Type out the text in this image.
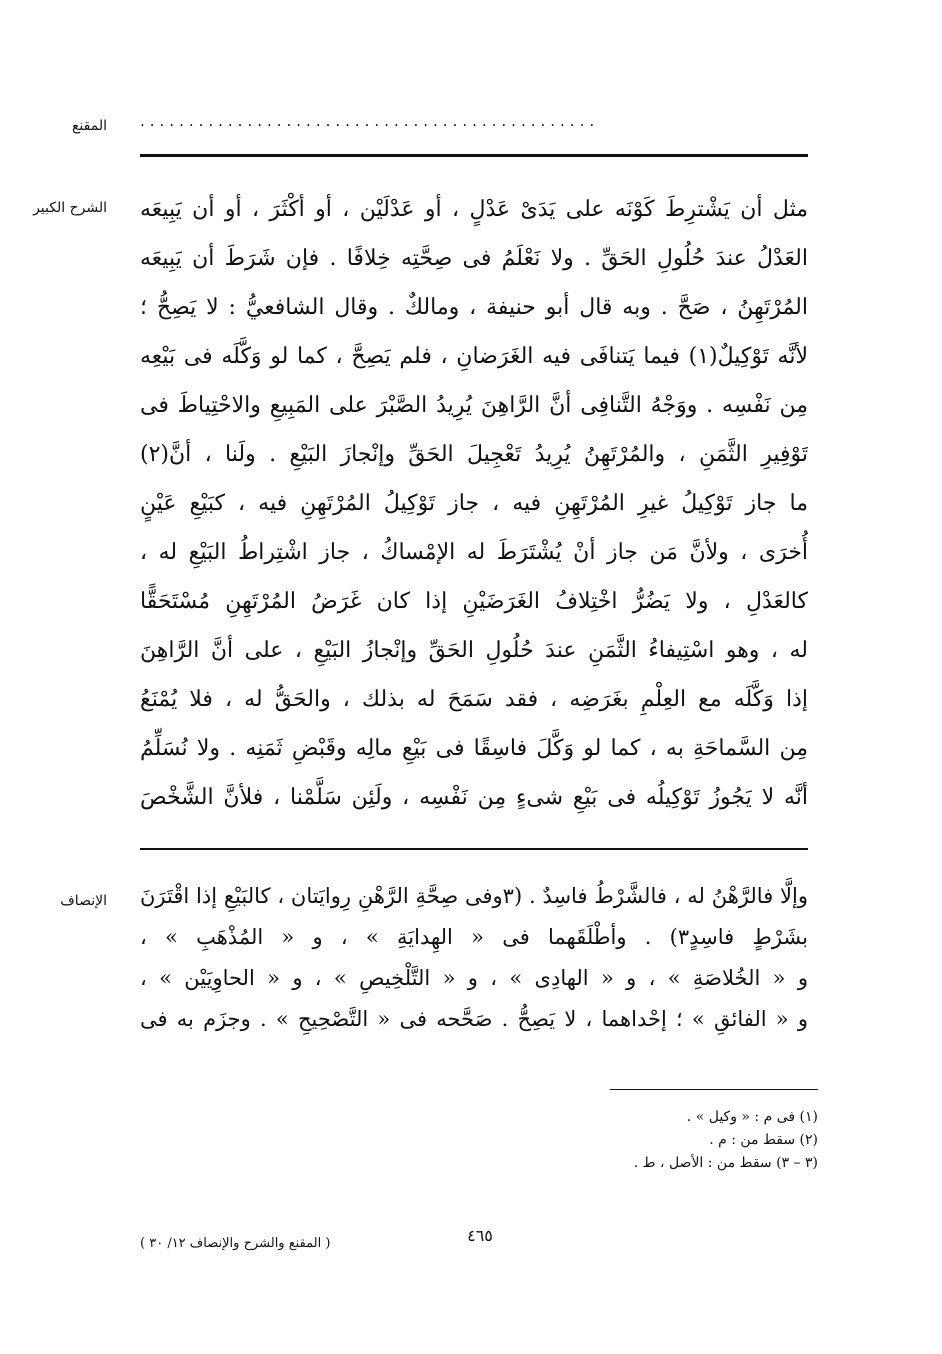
المقنع ...............................................
الشرح الكبير مثل أن يَشْترِطَ كَوْنَه على يَدَىْ عَدْلٍ ، أو عَدْلَيْن ، أو أكْثَرَ ، أو أن يَبِيعَه
العَدْلُ عندَ حُلُولِ الحَقِّ . ولا نَعْلَمُ فى صِحَّتِه خِلافًا . فإن شَرَطَ أن يَبِيعَه
المُرْتَهِنُ ، صَحَّ . وبه قال أبو حنيفة ، ومالكٌ . وقال الشافعيُّ : لا يَصِحُّ ؛
لأنَّه تَوْكِيلٌ(١) فيما يَتنافَى فيه الغَرَضانِ ، فلم يَصِحَّ ، كما لو وَكَّلَه فى بَيْعِه
مِن نَفْسِه . ووَجْهُ التَّنافِى أنَّ الرَّاهِنَ يُرِيدُ الصَّبْرَ على المَبِيعِ والاحْتِياطَ فى
تَوْفِيرِ الثَّمَنِ ، والمُرْتَهِنُ يُرِيدُ تَعْجِيلَ الحَقِّ وإنْجازَ البَيْعِ . ولَنا ، أنَّ(٢)
ما جاز تَوْكِيلُ غيرِ المُرْتَهِنِ فيه ، جاز تَوْكِيلُ المُرْتَهِنِ فيه ، كبَيْعِ عَيْنٍ
أُخرَى ، ولأنَّ مَن جاز أنْ يُشْتَرَطَ له الإمْساكُ ، جاز اشْتِراطُ البَيْعِ له ،
كالعَدْلِ ، ولا يَضُرُّ اخْتِلافُ الغَرَضَيْنِ إذا كان غَرَضُ المُرْتَهِنِ مُسْتَحَقًّا
له ، وهو اسْتِيفاءُ الثَّمَنِ عندَ حُلُولِ الحَقِّ وإنْجازُ البَيْعِ ، على أنَّ الرَّاهِنَ
إذا وَكَّلَه مع العِلْمِ بغَرَضِه ، فقد سَمَحَ له بذلك ، والحَقُّ له ، فلا يُمْنَعُ
مِن السَّماحَةِ به ، كما لو وَكَّلَ فاسِقًا فى بَيْعِ مالِه وقَبْضِ ثَمَنِه . ولا نُسَلِّمُ
أنَّه لا يَجُوزُ تَوْكِيلُه فى بَيْعِ شىءٍ مِن نَفْسِه ، ولَئِن سَلَّمْنا ، فلأنَّ الشَّخْصَ
الإنصاف وإلَّا فالرَّهْنُ له ، فالشَّرْطُ فاسِدٌ . (٣وفى صِحَّةِ الرَّهْنِ رِوايَتان ، كالبَيْعِ إذا اقْتَرَنَ
بشَرْطٍ فاسِدٍ٣) . وأطْلَقَهما فى « الهِدايَةِ » ، و « المُذْهَبِ » ،
و « الخُلاصَةِ » ، و « الهادِى » ، و « التَّلْخِيصِ » ، و « الحاوِيَيْن » ،
و « الفائقِ » ؛ إحْداهما ، لا يَصِحُّ . صَحَّحه فى « التَّصْحِيحِ » . وجزَم به فى
(١) فى م : « وكيل » .
(٢) سقط من : م .
(٣ – ٣) سقط من : الأصل ، ط .
٤٦٥
( المقنع والشرح والإنصاف ١٢/ ٣٠ )
